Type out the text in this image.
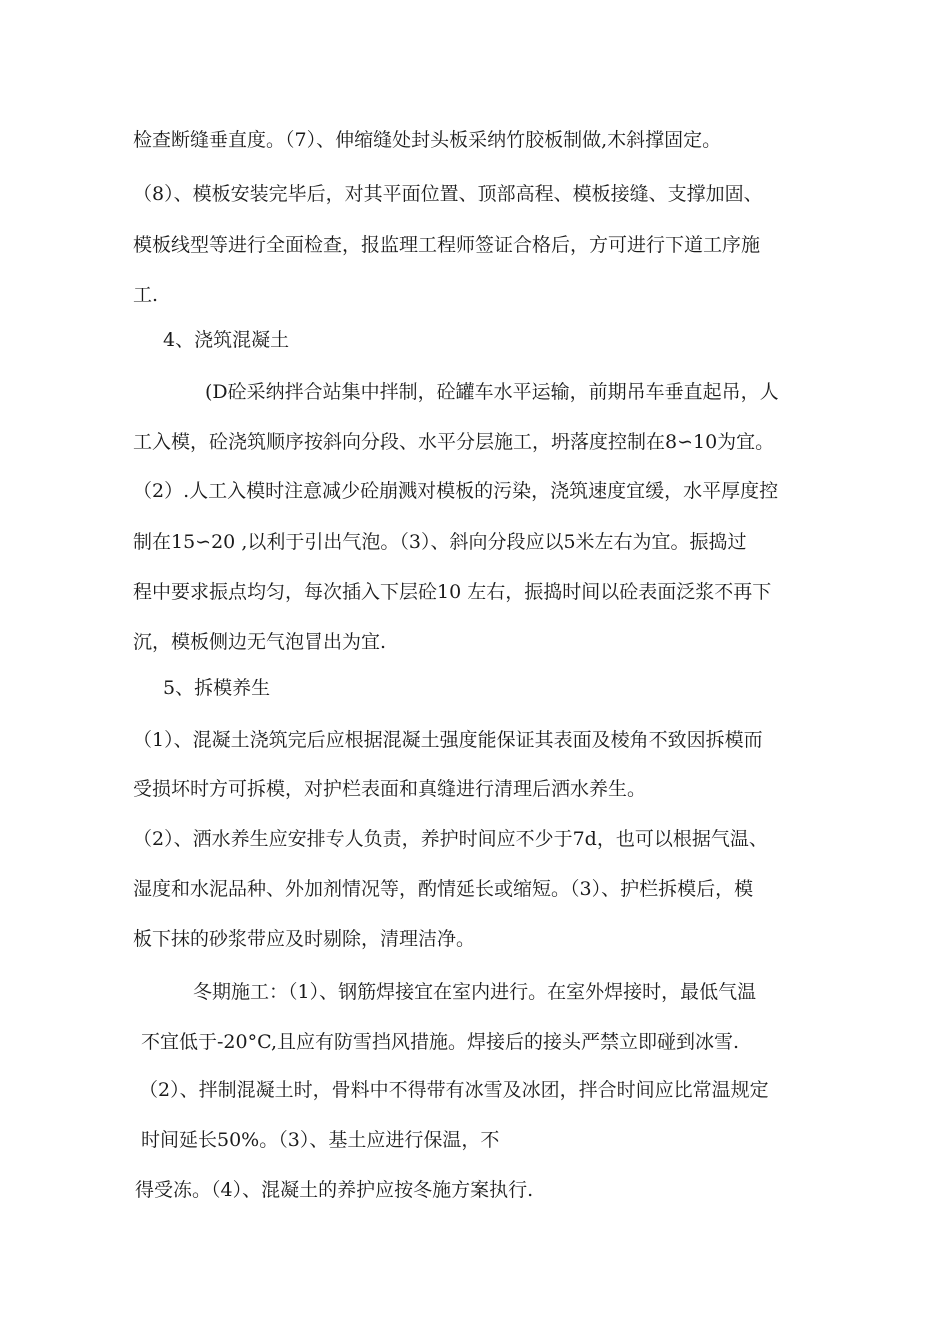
检查断缝垂直度。（7）、伸缩缝处封头板采纳竹胶板制做,木斜撑固定。

（8）、模板安装完毕后，对其平面位置、顶部高程、模板接缝、支撑加固、

模板线型等进行全面检查，报监理工程师签证合格后，方可进行下道工序施

工.

4、浇筑混凝土

(D砼采纳拌合站集中拌制，砼罐车水平运输，前期吊车垂直起吊，人

工入模，砼浇筑顺序按斜向分段、水平分层施工，坍落度控制在8∽10为宜。

（2）.人工入模时注意减少砼崩溅对模板的污染，浇筑速度宜缓，水平厚度控

制在15∽20 ,以利于引出气泡。（3）、斜向分段应以5米左右为宜。振捣过

程中要求振点均匀，每次插入下层砼10 左右，振捣时间以砼表面泛浆不再下

沉，模板侧边无气泡冒出为宜.

5、拆模养生

（1）、混凝土浇筑完后应根据混凝土强度能保证其表面及棱角不致因拆模而

受损坏时方可拆模，对护栏表面和真缝进行清理后洒水养生。

（2）、洒水养生应安排专人负责，养护时间应不少于7d，也可以根据气温、

湿度和水泥品种、外加剂情况等，酌情延长或缩短。（3）、护栏拆模后，模

板下抹的砂浆带应及时剔除，清理洁净。

冬期施工：（1）、钢筋焊接宜在室内进行。在室外焊接时，最低气温

不宜低于-20°C,且应有防雪挡风措施。焊接后的接头严禁立即碰到冰雪.

（2）、拌制混凝土时，骨料中不得带有冰雪及冰团，拌合时间应比常温规定

时间延长50%。（3）、基土应进行保温，不

得受冻。（4）、混凝土的养护应按冬施方案执行.
